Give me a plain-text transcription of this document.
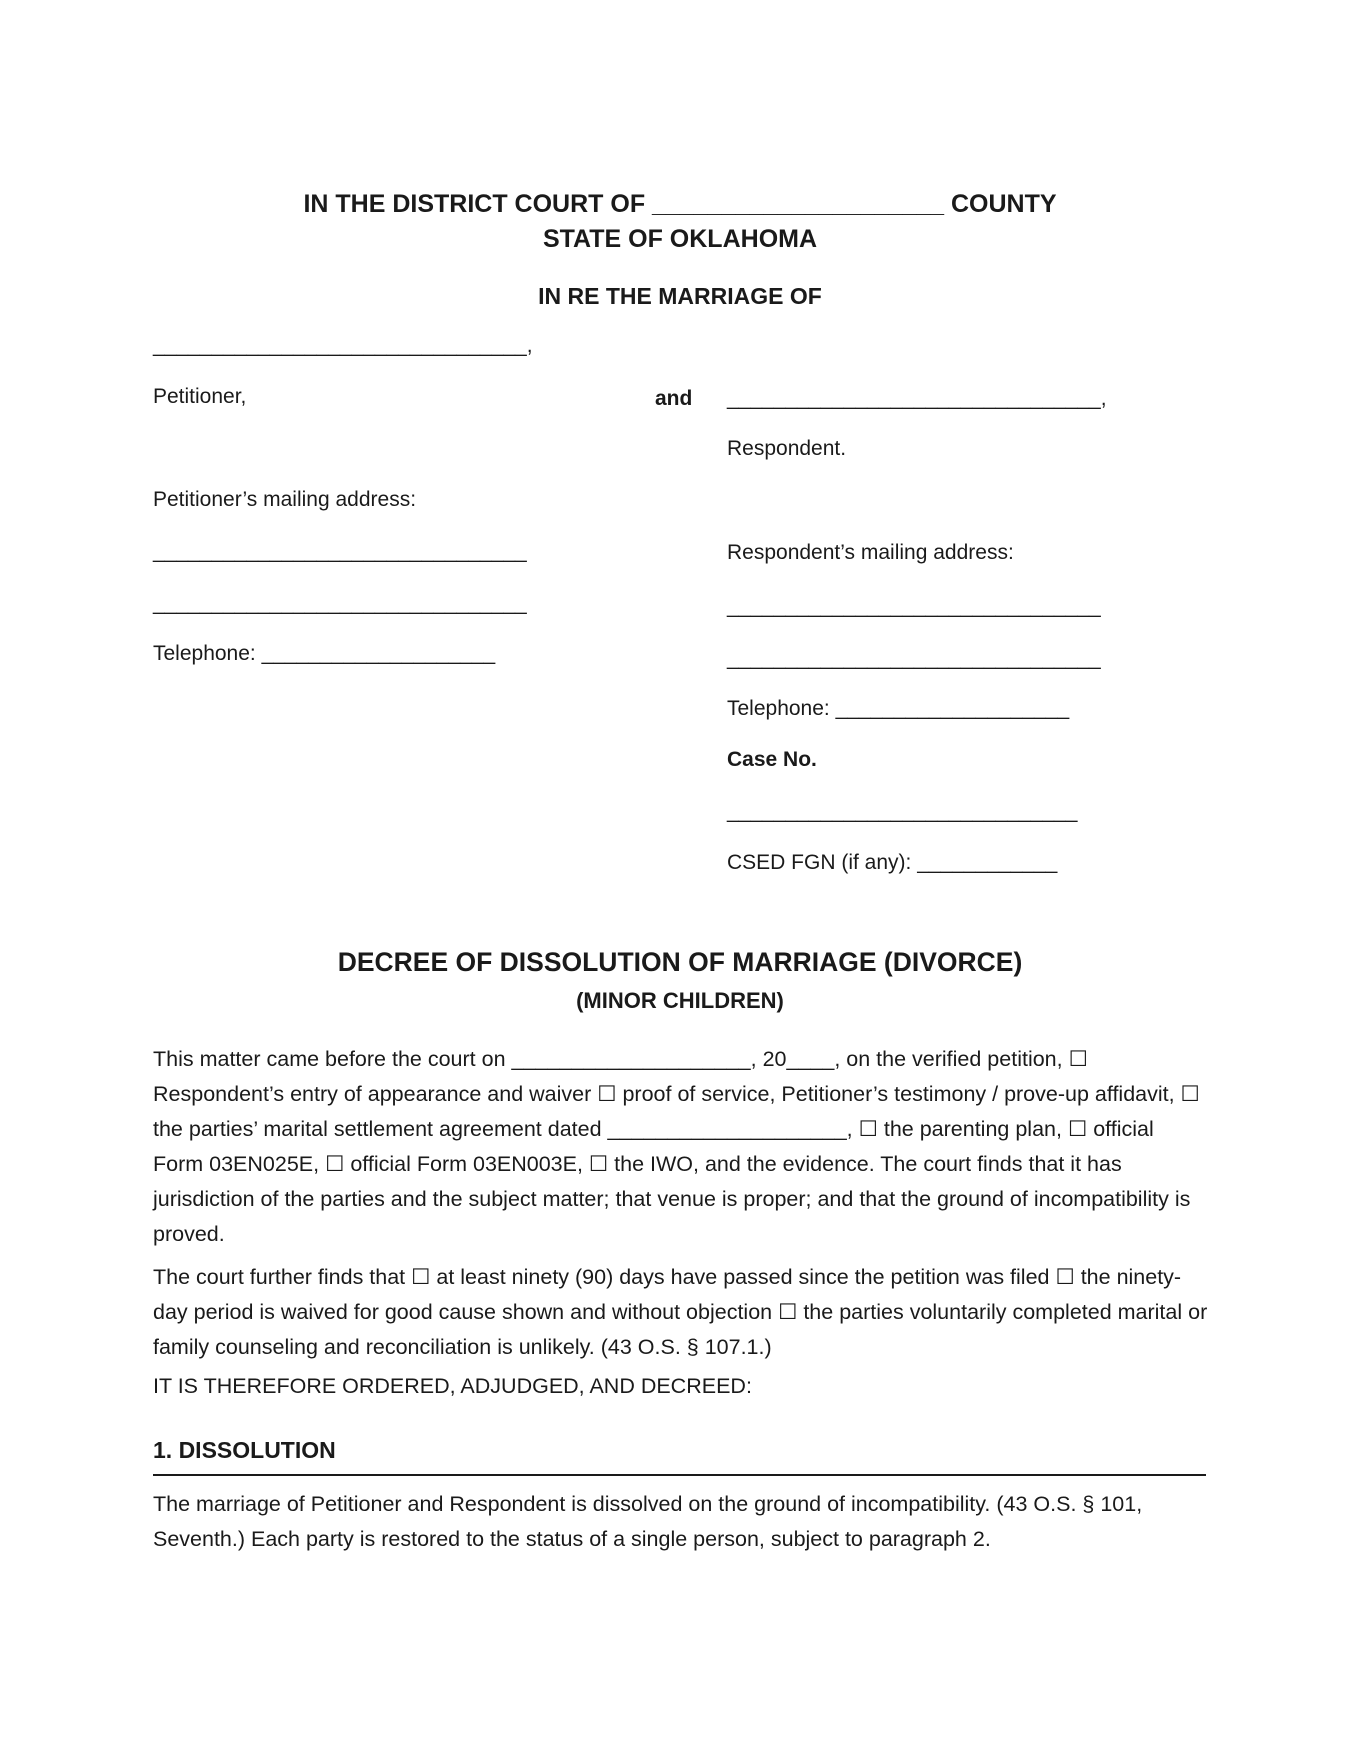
IN THE DISTRICT COURT OF _____________________ COUNTY
STATE OF OKLAHOMA
IN RE THE MARRIAGE OF
________________________________,
Petitioner,
Petitioner’s mailing address:
________________________________
________________________________
Telephone: ____________________
and ________________________________,
Respondent.
Respondent’s mailing address:
________________________________
________________________________
Telephone: ____________________
Case No.
______________________________
CSED FGN (if any): ____________
DECREE OF DISSOLUTION OF MARRIAGE (DIVORCE)
(MINOR CHILDREN)
This matter came before the court on ____________________, 20____, on the verified petition, ☐ Respondent’s entry of appearance and waiver ☐ proof of service, Petitioner’s testimony / prove-up affidavit, ☐ the parties’ marital settlement agreement dated ____________________, ☐ the parenting plan, ☐ official Form 03EN025E, ☐ official Form 03EN003E, ☐ the IWO, and the evidence. The court finds that it has jurisdiction of the parties and the subject matter; that venue is proper; and that the ground of incompatibility is proved.
The court further finds that ☐ at least ninety (90) days have passed since the petition was filed ☐ the ninety-day period is waived for good cause shown and without objection ☐ the parties voluntarily completed marital or family counseling and reconciliation is unlikely. (43 O.S. § 107.1.)
IT IS THEREFORE ORDERED, ADJUDGED, AND DECREED:
1. DISSOLUTION
The marriage of Petitioner and Respondent is dissolved on the ground of incompatibility. (43 O.S. § 101, Seventh.) Each party is restored to the status of a single person, subject to paragraph 2.
